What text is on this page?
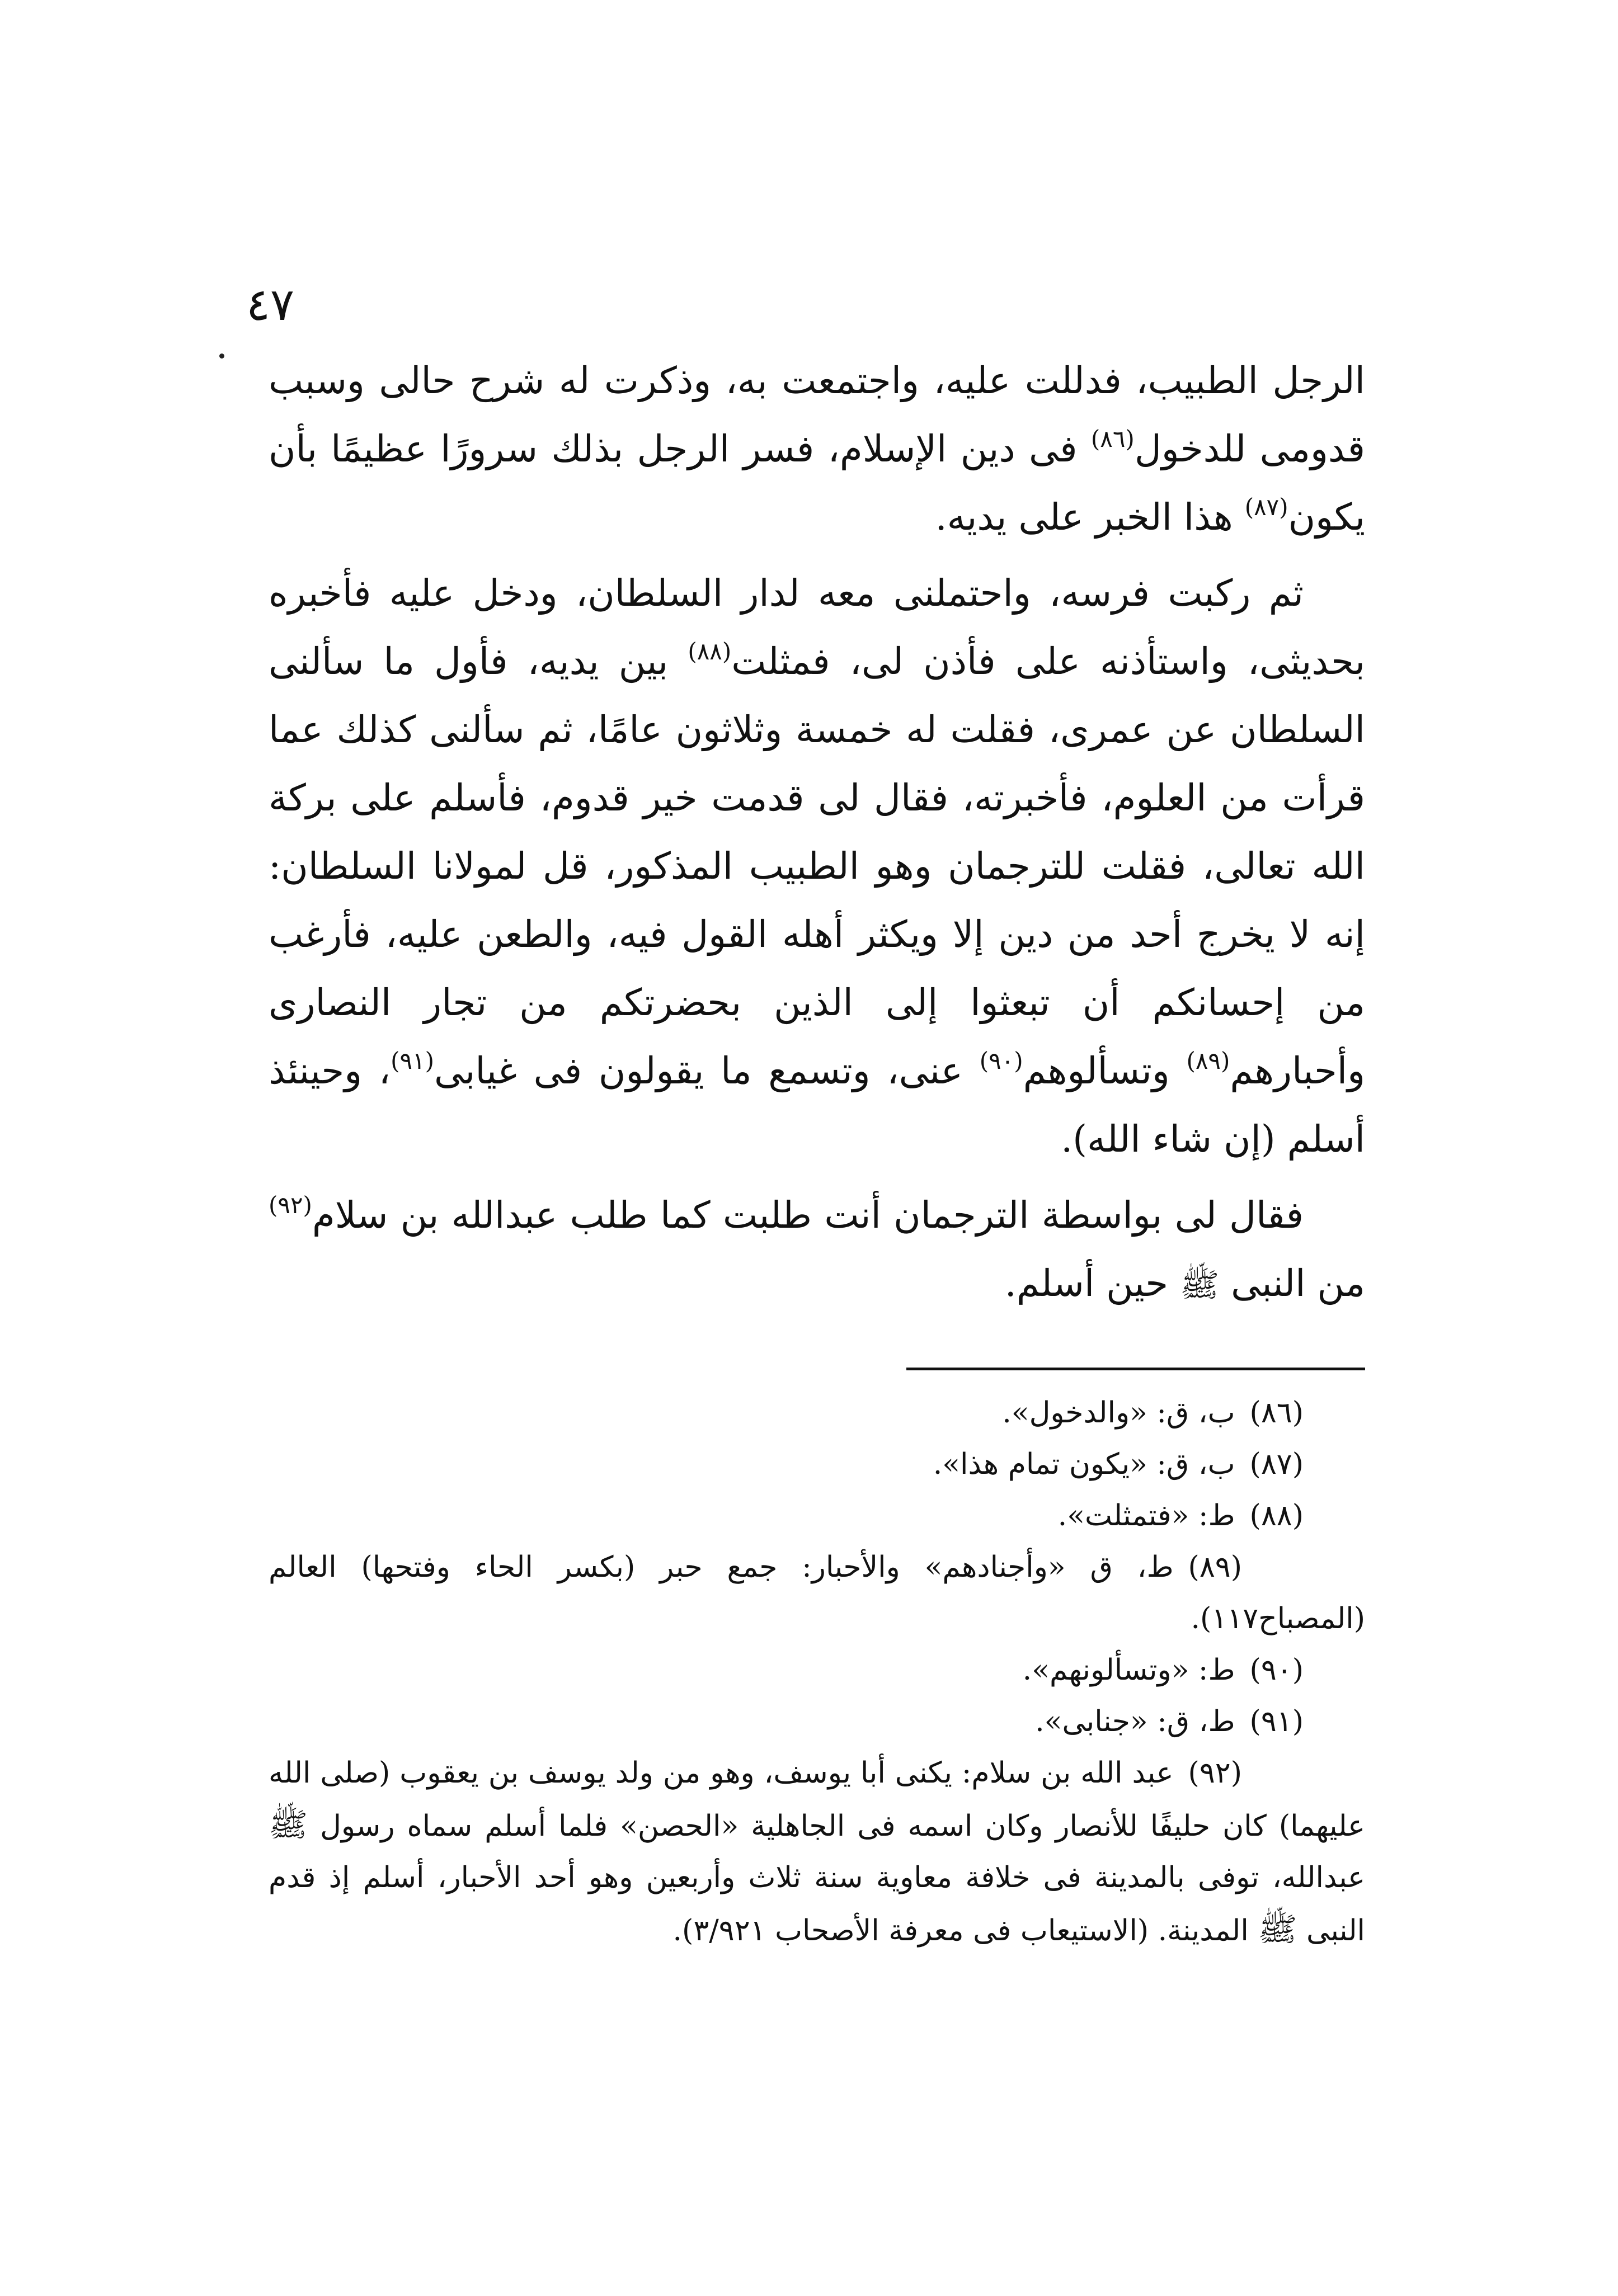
٤٧

الرجل الطبيب، فدللت عليه، واجتمعت به، وذكرت له شرح حالى وسبب قدومى للدخول$^{(٨٦)}$ فى دين الإسلام، فسر الرجل بذلك سرورًا عظيمًا بأن يكون$^{(٨٧)}$ هذا الخبر على يديه.

ثم ركبت فرسه، واحتملنى معه لدار السلطان، ودخل عليه فأخبره بحديثى، واستأذنه على فأذن لى، فمثلت$^{(٨٨)}$ بين يديه، فأول ما سألنى السلطان عن عمرى، فقلت له خمسة وثلاثون عامًا، ثم سألنى كذلك عما قرأت من العلوم، فأخبرته، فقال لى قدمت خير قدوم، فأسلم على بركة الله تعالى، فقلت للترجمان وهو الطبيب المذكور، قل لمولانا السلطان: إنه لا يخرج أحد من دين إلا ويكثر أهله القول فيه، والطعن عليه، فأرغب من إحسانكم أن تبعثوا إلى الذين بحضرتكم من تجار النصارى وأحبارهم$^{(٨٩)}$ وتسألوهم$^{(٩٠)}$ عنى، وتسمع ما يقولون فى غيابى$^{(٩١)}$، وحينئذ أسلم (إن شاء الله).

فقال لى بواسطة الترجمان أنت طلبت كما طلب عبدالله بن سلام$^{(٩٢)}$ من النبى ﷺ حين أسلم.

(٨٦)ب، ق: «والدخول».

(٨٧)ب، ق: «يكون تمام هذا».

(٨٨)ط: «فتمثلت».

(٨٩)ط، ق «وأجنادهم» والأحبار: جمع حبر (بكسر الحاء وفتحها) العالم (المصباح١١٧).

(٩٠)ط: «وتسألونهم».

(٩١)ط، ق: «جنابى».

(٩٢)عبد الله بن سلام: يكنى أبا يوسف، وهو من ولد يوسف بن يعقوب (صلى الله عليهما) كان حليفًا للأنصار وكان اسمه فى الجاهلية «الحصن» فلما أسلم سماه رسول ﷺ عبدالله، توفى بالمدينة فى خلافة معاوية سنة ثلاث وأربعين وهو أحد الأحبار، أسلم إذ قدم النبى ﷺ المدينة. (الاستيعاب فى معرفة الأصحاب ٣/٩٢١).
